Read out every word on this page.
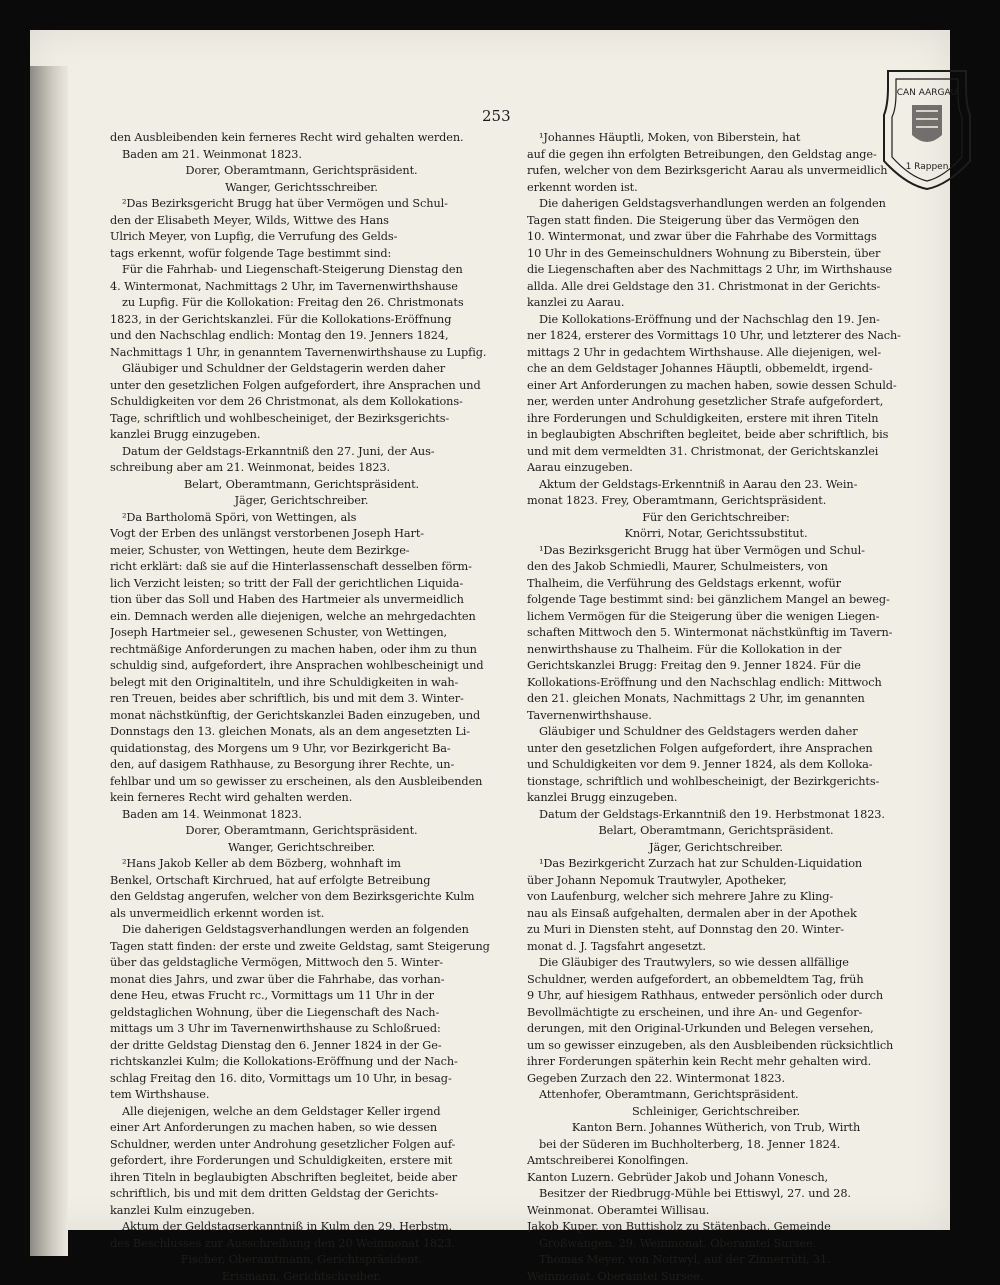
253
CAN AARGAU
1 Rappen
den Ausbleibenden kein ferneres Recht wird gehalten werden.
Baden am 21. Weinmonat 1823.
Dorer, Oberamtmann, Gerichtspräsident.
Wanger, Gerichtsschreiber.
²Das Bezirksgericht Brugg hat über Vermögen und Schul-
den der Elisabeth Meyer, Wilds, Wittwe des Hans
Ulrich Meyer, von Lupfig, die Verrufung des Gelds-
tags erkennt, wofür folgende Tage bestimmt sind:
Für die Fahrhab- und Liegenschaft-Steigerung Dienstag den
4. Wintermonat, Nachmittags 2 Uhr, im Tavernenwirthshause
zu Lupfig. Für die Kollokation: Freitag den 26. Christmonats
1823, in der Gerichtskanzlei. Für die Kollokations-Eröffnung
und den Nachschlag endlich: Montag den 19. Jenners 1824,
Nachmittags 1 Uhr, in genanntem Tavernenwirthshause zu Lupfig.
Gläubiger und Schuldner der Geldstagerin werden daher
unter den gesetzlichen Folgen aufgefordert, ihre Ansprachen und
Schuldigkeiten vor dem 26 Christmonat, als dem Kollokations-
Tage, schriftlich und wohlbescheiniget, der Bezirksgerichts-
kanzlei Brugg einzugeben.
Datum der Geldstags-Erkanntniß den 27. Juni, der Aus-
schreibung aber am 21. Weinmonat, beides 1823.
Belart, Oberamtmann, Gerichtspräsident.
Jäger, Gerichtschreiber.
²Da Bartholomä Spöri, von Wettingen, als
Vogt der Erben des unlängst verstorbenen Joseph Hart-
meier, Schuster, von Wettingen, heute dem Bezirkge-
richt erklärt: daß sie auf die Hinterlassenschaft desselben förm-
lich Verzicht leisten; so tritt der Fall der gerichtlichen Liquida-
tion über das Soll und Haben des Hartmeier als unvermeidlich
ein. Demnach werden alle diejenigen, welche an mehrgedachten
Joseph Hartmeier sel., gewesenen Schuster, von Wettingen,
rechtmäßige Anforderungen zu machen haben, oder ihm zu thun
schuldig sind, aufgefordert, ihre Ansprachen wohlbescheinigt und
belegt mit den Originaltiteln, und ihre Schuldigkeiten in wah-
ren Treuen, beides aber schriftlich, bis und mit dem 3. Winter-
monat nächstkünftig, der Gerichtskanzlei Baden einzugeben, und
Donnstags den 13. gleichen Monats, als an dem angesetzten Li-
quidationstag, des Morgens um 9 Uhr, vor Bezirkgericht Ba-
den, auf dasigem Rathhause, zu Besorgung ihrer Rechte, un-
fehlbar und um so gewisser zu erscheinen, als den Ausbleibenden
kein ferneres Recht wird gehalten werden.
Baden am 14. Weinmonat 1823.
Dorer, Oberamtmann, Gerichtspräsident.
Wanger, Gerichtschreiber.
²Hans Jakob Keller ab dem Bözberg, wohnhaft im
Benkel, Ortschaft Kirchrued, hat auf erfolgte Betreibung
den Geldstag angerufen, welcher von dem Bezirksgerichte Kulm
als unvermeidlich erkennt worden ist.
Die daherigen Geldstagsverhandlungen werden an folgenden
Tagen statt finden: der erste und zweite Geldstag, samt Steigerung
über das geldstagliche Vermögen, Mittwoch den 5. Winter-
monat dies Jahrs, und zwar über die Fahrhabe, das vorhan-
dene Heu, etwas Frucht rc., Vormittags um 11 Uhr in der
geldstaglichen Wohnung, über die Liegenschaft des Nach-
mittags um 3 Uhr im Tavernenwirthshause zu Schloßrued:
der dritte Geldstag Dienstag den 6. Jenner 1824 in der Ge-
richtskanzlei Kulm; die Kollokations-Eröffnung und der Nach-
schlag Freitag den 16. dito, Vormittags um 10 Uhr, in besag-
tem Wirthshause.
Alle diejenigen, welche an dem Geldstager Keller irgend
einer Art Anforderungen zu machen haben, so wie dessen
Schuldner, werden unter Androhung gesetzlicher Folgen auf-
gefordert, ihre Forderungen und Schuldigkeiten, erstere mit
ihren Titeln in beglaubigten Abschriften begleitet, beide aber
schriftlich, bis und mit dem dritten Geldstag der Gerichts-
kanzlei Kulm einzugeben.
Aktum der Geldstagserkanntniß in Kulm den 29. Herbstm.
des Beschlusses zur Ausschreibung den 20 Weinmonat 1823.
Fischer, Oberamtmann, Gerichtspräsident.
Erismann, Gerichtschreiber.
¹Johannes Häuptli, Moken, von Biberstein, hat
auf die gegen ihn erfolgten Betreibungen, den Geldstag ange-
rufen, welcher von dem Bezirksgericht Aarau als unvermeidlich
erkennt worden ist.
Die daherigen Geldstagsverhandlungen werden an folgenden
Tagen statt finden. Die Steigerung über das Vermögen den
10. Wintermonat, und zwar über die Fahrhabe des Vormittags
10 Uhr in des Gemeinschuldners Wohnung zu Biberstein, über
die Liegenschaften aber des Nachmittags 2 Uhr, im Wirthshause
allda. Alle drei Geldstage den 31. Christmonat in der Gerichts-
kanzlei zu Aarau.
Die Kollokations-Eröffnung und der Nachschlag den 19. Jen-
ner 1824, ersterer des Vormittags 10 Uhr, und letzterer des Nach-
mittags 2 Uhr in gedachtem Wirthshause. Alle diejenigen, wel-
che an dem Geldstager Johannes Häuptli, obbemeldt, irgend-
einer Art Anforderungen zu machen haben, sowie dessen Schuld-
ner, werden unter Androhung gesetzlicher Strafe aufgefordert,
ihre Forderungen und Schuldigkeiten, erstere mit ihren Titeln
in beglaubigten Abschriften begleitet, beide aber schriftlich, bis
und mit dem vermeldten 31. Christmonat, der Gerichtskanzlei
Aarau einzugeben.
Aktum der Geldstags-Erkenntniß in Aarau den 23. Wein-
monat 1823. Frey, Oberamtmann, Gerichtspräsident.
Für den Gerichtschreiber:
Knörri, Notar, Gerichtssubstitut.
¹Das Bezirksgericht Brugg hat über Vermögen und Schul-
den des Jakob Schmiedli, Maurer, Schulmeisters, von
Thalheim, die Verführung des Geldstags erkennt, wofür
folgende Tage bestimmt sind: bei gänzlichem Mangel an beweg-
lichem Vermögen für die Steigerung über die wenigen Liegen-
schaften Mittwoch den 5. Wintermonat nächstkünftig im Tavern-
nenwirthshause zu Thalheim. Für die Kollokation in der
Gerichtskanzlei Brugg: Freitag den 9. Jenner 1824. Für die
Kollokations-Eröffnung und den Nachschlag endlich: Mittwoch
den 21. gleichen Monats, Nachmittags 2 Uhr, im genannten
Tavernenwirthshause.
Gläubiger und Schuldner des Geldstagers werden daher
unter den gesetzlichen Folgen aufgefordert, ihre Ansprachen
und Schuldigkeiten vor dem 9. Jenner 1824, als dem Kolloka-
tionstage, schriftlich und wohlbescheinigt, der Bezirkgerichts-
kanzlei Brugg einzugeben.
Datum der Geldstags-Erkanntniß den 19. Herbstmonat 1823.
Belart, Oberamtmann, Gerichtspräsident.
Jäger, Gerichtschreiber.
¹Das Bezirkgericht Zurzach hat zur Schulden-Liquidation
über Johann Nepomuk Trautwyler, Apotheker,
von Laufenburg, welcher sich mehrere Jahre zu Kling-
nau als Einsaß aufgehalten, dermalen aber in der Apothek
zu Muri in Diensten steht, auf Donnstag den 20. Winter-
monat d. J. Tagsfahrt angesetzt.
Die Gläubiger des Trautwylers, so wie dessen allfällige
Schuldner, werden aufgefordert, an obbemeldtem Tag, früh
9 Uhr, auf hiesigem Rathhaus, entweder persönlich oder durch
Bevollmächtigte zu erscheinen, und ihre An- und Gegenfor-
derungen, mit den Original-Urkunden und Belegen versehen,
um so gewisser einzugeben, als den Ausbleibenden rücksichtlich
ihrer Forderungen späterhin kein Recht mehr gehalten wird.
Gegeben Zurzach den 22. Wintermonat 1823.
Attenhofer, Oberamtmann, Gerichtspräsident.
Schleiniger, Gerichtschreiber.
Kanton Bern. Johannes Wütherich, von Trub, Wirth
bei der Süderen im Buchholterberg, 18. Jenner 1824.
Amtschreiberei Konolfingen.
Kanton Luzern. Gebrüder Jakob und Johann Vonesch,
Besitzer der Riedbrugg-Mühle bei Ettiswyl, 27. und 28.
Weinmonat. Oberamtei Willisau.
Jakob Kuper, von Buttisholz zu Stätenbach, Gemeinde
Großwangen. 29. Weinmonat. Oberamtei Sursee.
Thomas Meyer, von Nottwyl, auf der Zinnerrüti, 31.
Weinmonat. Oberamtei Sursee.
